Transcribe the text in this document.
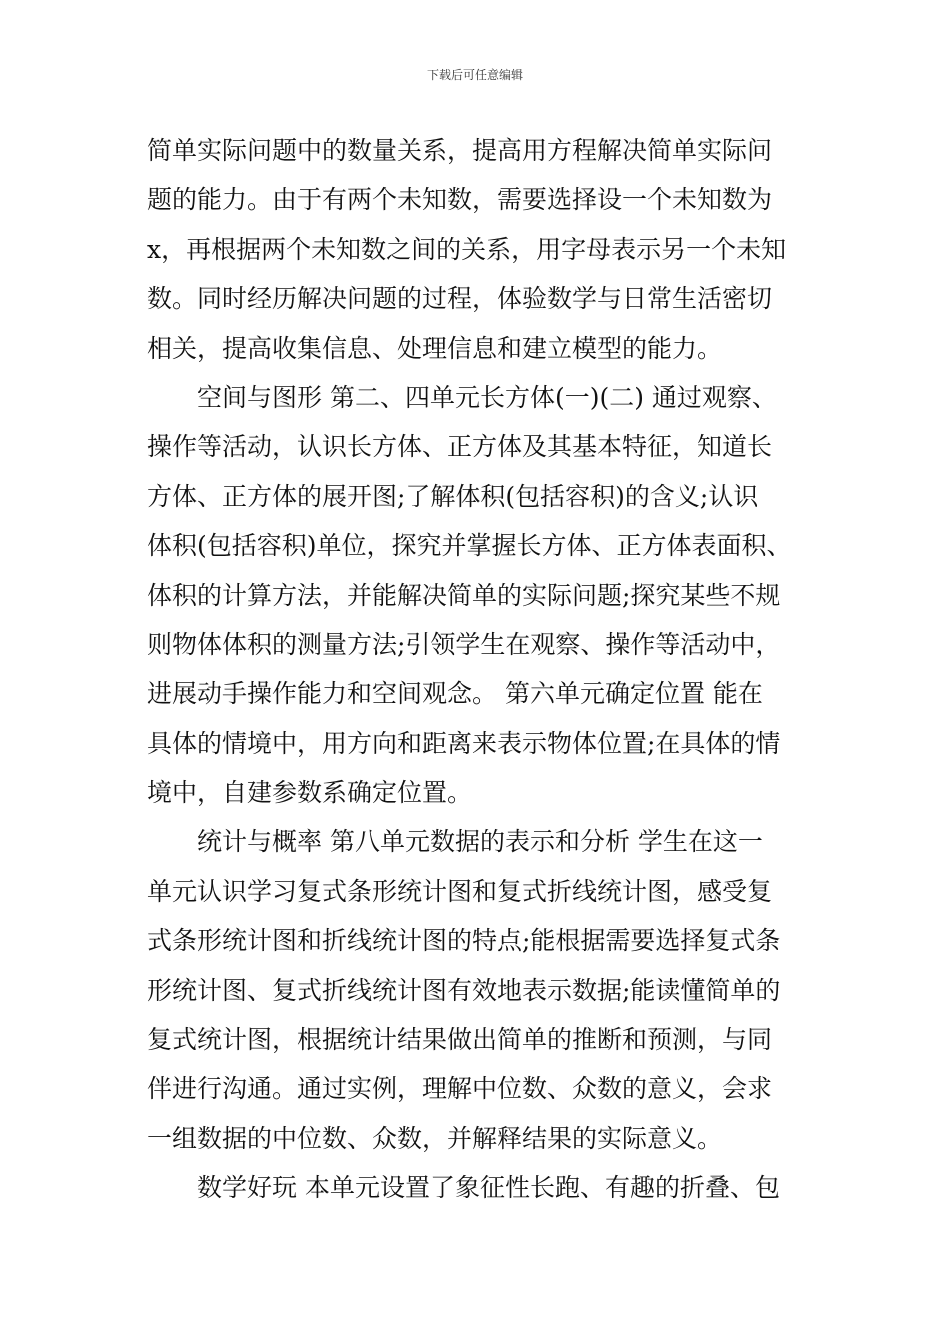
下载后可任意编辑
简单实际问题中的数量关系，提高用方程解决简单实际问
题的能力。由于有两个未知数，需要选择设一个未知数为
x，再根据两个未知数之间的关系，用字母表示另一个未知
数。同时经历解决问题的过程，体验数学与日常生活密切
相关，提高收集信息、处理信息和建立模型的能力。
空间与图形 第二、四单元长方体(一)(二) 通过观察、
操作等活动，认识长方体、正方体及其基本特征，知道长
方体、正方体的展开图;了解体积(包括容积)的含义;认识
体积(包括容积)单位，探究并掌握长方体、正方体表面积、
体积的计算方法，并能解决简单的实际问题;探究某些不规
则物体体积的测量方法;引领学生在观察、操作等活动中，
进展动手操作能力和空间观念。 第六单元确定位置 能在
具体的情境中，用方向和距离来表示物体位置;在具体的情
境中，自建参数系确定位置。
统计与概率 第八单元数据的表示和分析 学生在这一
单元认识学习复式条形统计图和复式折线统计图，感受复
式条形统计图和折线统计图的特点;能根据需要选择复式条
形统计图、复式折线统计图有效地表示数据;能读懂简单的
复式统计图，根据统计结果做出简单的推断和预测，与同
伴进行沟通。通过实例，理解中位数、众数的意义，会求
一组数据的中位数、众数，并解释结果的实际意义。
数学好玩 本单元设置了象征性长跑、有趣的折叠、包
